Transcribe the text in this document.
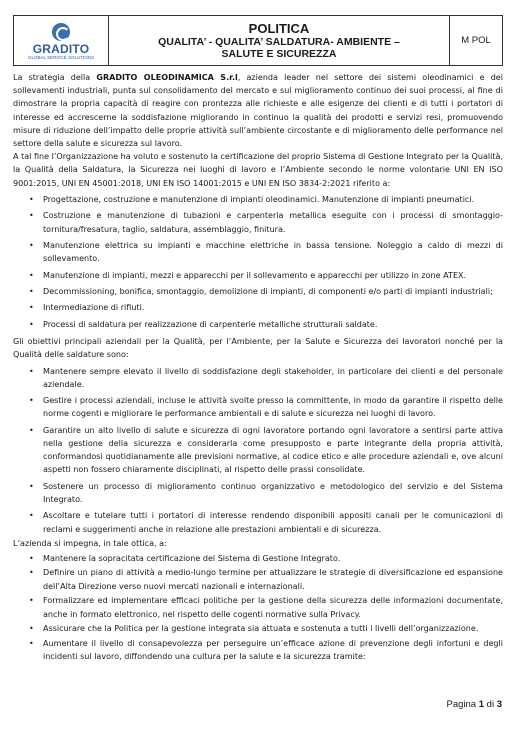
GRADITO
GLOBAL SERVICE SOLUTIONS
POLITICA
QUALITA’ - QUALITA’ SALDATURA- AMBIENTE –
SALUTE E SICUREZZA
M POL

La strategia della GRADITO OLEODINAMICA S.r.l, azienda leader nel settore dei sistemi oleodinamici e dei sollevamenti industriali, punta sul consolidamento del mercato e sul miglioramento continuo dei suoi processi, al fine di dimostrare la propria capacità di reagire con prontezza alle richieste e alle esigenze dei clienti e di tutti i portatori di interesse ed accrescerne la soddisfazione migliorando in continuo la qualità dei prodotti e servizi resi, promuovendo misure di riduzione dell’impatto delle proprie attività sull’ambiente circostante e di miglioramento delle performance nel settore della salute e sicurezza sul lavoro.

A tal fine l’Organizzazione ha voluto e sostenuto la certificazione del proprio Sistema di Gestione Integrato per la Qualità, la Qualità della Saldatura, la Sicurezza nei luoghi di lavoro e l’Ambiente secondo le norme volontarie UNI EN ISO 9001:2015, UNI EN 45001:2018, UNI EN ISO 14001:2015 e UNI EN ISO 3834-2:2021 riferito a:

• Progettazione, costruzione e manutenzione di impianti oleodinamici. Manutenzione di impianti pneumatici.
• Costruzione e manutenzione di tubazioni e carpenteria metallica eseguite con i processi di smontaggio-tornitura/fresatura, taglio, saldatura, assemblaggio, finitura.
• Manutenzione elettrica su impianti e macchine elettriche in bassa tensione. Noleggio a caldo di mezzi di sollevamento.
• Manutenzione di impianti, mezzi e apparecchi per il sollevamento e apparecchi per utilizzo in zone ATEX.
• Decommissioning, bonifica, smontaggio, demolizione di impianti, di componenti e/o parti di impianti industriali;
• Intermediazione di rifiuti.
• Processi di saldatura per realizzazione di carpenterie metalliche strutturali saldate.

Gli obiettivi principali aziendali per la Qualità, per l’Ambiente, per la Salute e Sicurezza dei lavoratori nonché per la Qualità delle saldature sono:

• Mantenere sempre elevato il livello di soddisfazione degli stakeholder, in particolare dei clienti e del personale aziendale.
• Gestire i processi aziendali, incluse le attività svolte presso la committente, in modo da garantire il rispetto delle norme cogenti e migliorare le performance ambientali e di salute e sicurezza nei luoghi di lavoro.
• Garantire un alto livello di salute e sicurezza di ogni lavoratore portando ogni lavoratore a sentirsi parte attiva nella gestione della sicurezza e considerarla come presupposto e parte integrante della propria attività, conformandosi quotidianamente alle previsioni normative, al codice etico e alle procedure aziendali e, ove alcuni aspetti non fossero chiaramente disciplinati, al rispetto delle prassi consolidate.
• Sostenere un processo di miglioramento continuo organizzativo e metodologico del servizio e del Sistema Integrato.
• Ascoltare e tutelare tutti i portatori di interesse rendendo disponibili appositi canali per le comunicazioni di reclami e suggerimenti anche in relazione alle prestazioni ambientali e di sicurezza.

L’azienda si impegna, in tale ottica, a:

• Mantenere la sopracitata certificazione del Sistema di Gestione Integrato.
• Definire un piano di attività a medio-lungo termine per attualizzare le strategie di diversificazione ed espansione dell’Alta Direzione verso nuovi mercati nazionali e internazionali.
• Formalizzare ed implementare efficaci politiche per la gestione della sicurezza delle informazioni documentate, anche in formato elettronico, nel rispetto delle cogenti normative sulla Privacy.
• Assicurare che la Politica per la gestione integrata sia attuata e sostenuta a tutti i livelli dell’organizzazione.
• Aumentare il livello di consapevolezza per perseguire un’efficace azione di prevenzione degli infortuni e degli incidenti sul lavoro, diffondendo una cultura per la salute e la sicurezza tramite:
Pagina 1 di 3
